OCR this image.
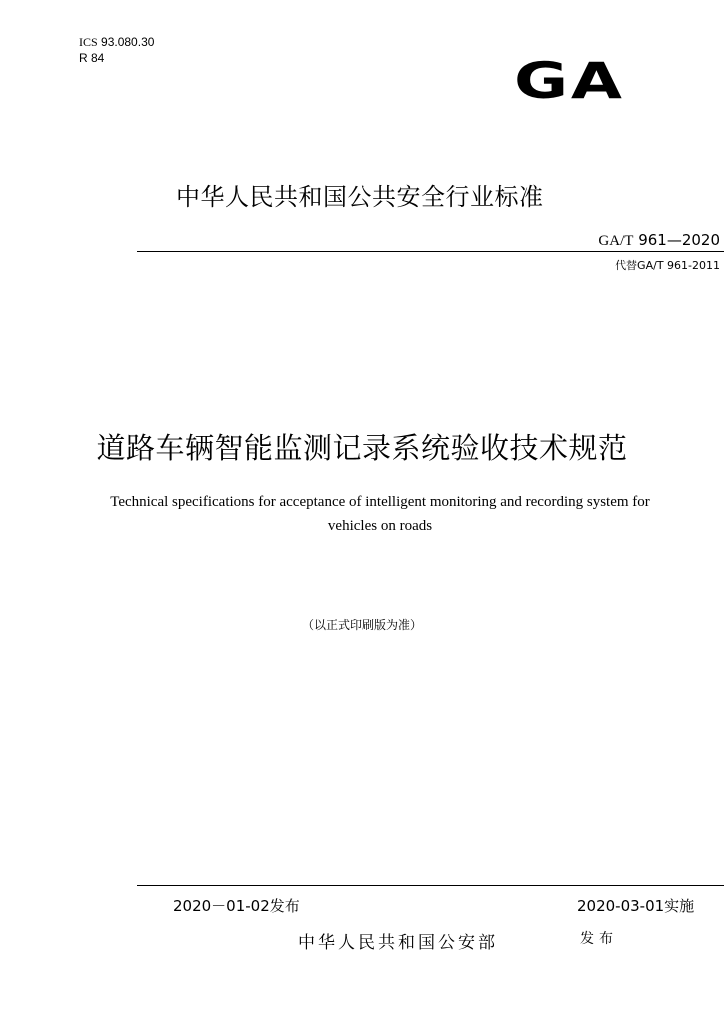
ICS 93.080.30
R 84	GA
中华人民共和国公共安全行业标准
GA/T 961—2020
代替GA/T 961-2011
道路车辆智能监测记录系统验收技术规范
Technical specifications for acceptance of intelligent monitoring and recording system for vehicles on roads
（以正式印刷版为准）
2020－01-02发布	2020-03-01实施
中华人民共和国公安部	发布
